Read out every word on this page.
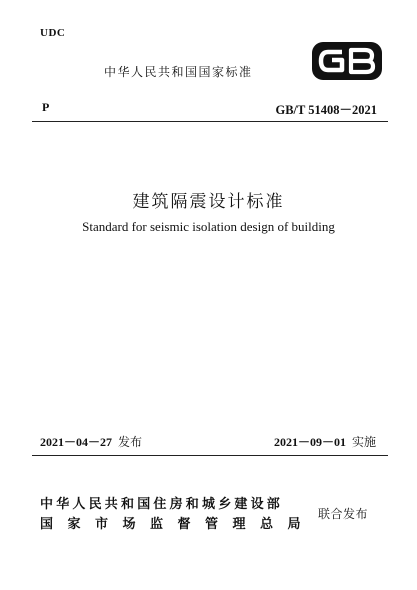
UDC
中华人民共和国国家标准
P	GB/T 51408－2021
建筑隔震设计标准
Standard for seismic isolation design of building
2021－04－27 发布	2021－09－01 实施
中华人民共和国住房和城乡建设部
国家市场监督管理总局
联合发布
